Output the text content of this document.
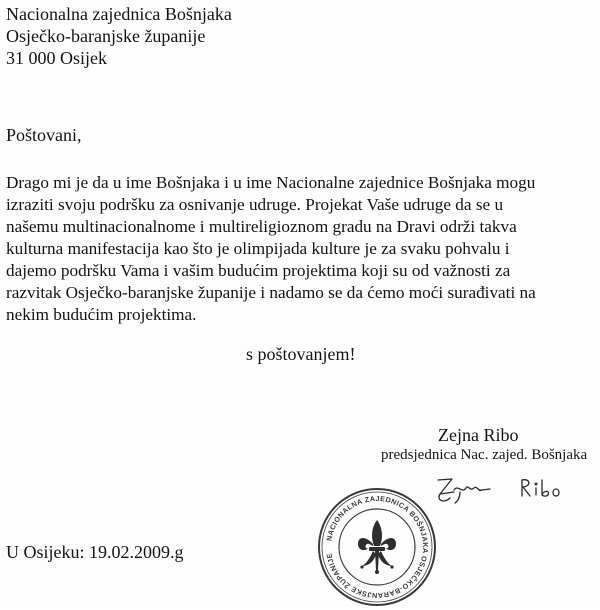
Nacionalna zajednica Bošnjaka
Osječko-baranjske županije
31 000 Osijek
Poštovani,
Drago mi je da u ime Bošnjaka i u ime Nacionalne zajednice Bošnjaka mogu
izraziti svoju podršku za osnivanje udruge. Projekat Vaše udruge da se u
našemu multinacionalnome i multireligioznom gradu na Dravi održi takva
kulturna manifestacija kao što je olimpijada kulture je za svaku pohvalu i
dajemo podršku Vama i vašim budućim projektima koji su od važnosti za
razvitak Osječko-baranjske županije i nadamo se da ćemo moći surađivati na
nekim budućim projektima.
s poštovanjem!
Zejna Ribo
predsjednica Nac. zajed. Bošnjaka
NACIONALNA ZAJEDNICA BOŠNJAKA OSJEČKO-BARANJSKE ŽUPANIJE
U Osijeku: 19.02.2009.g
